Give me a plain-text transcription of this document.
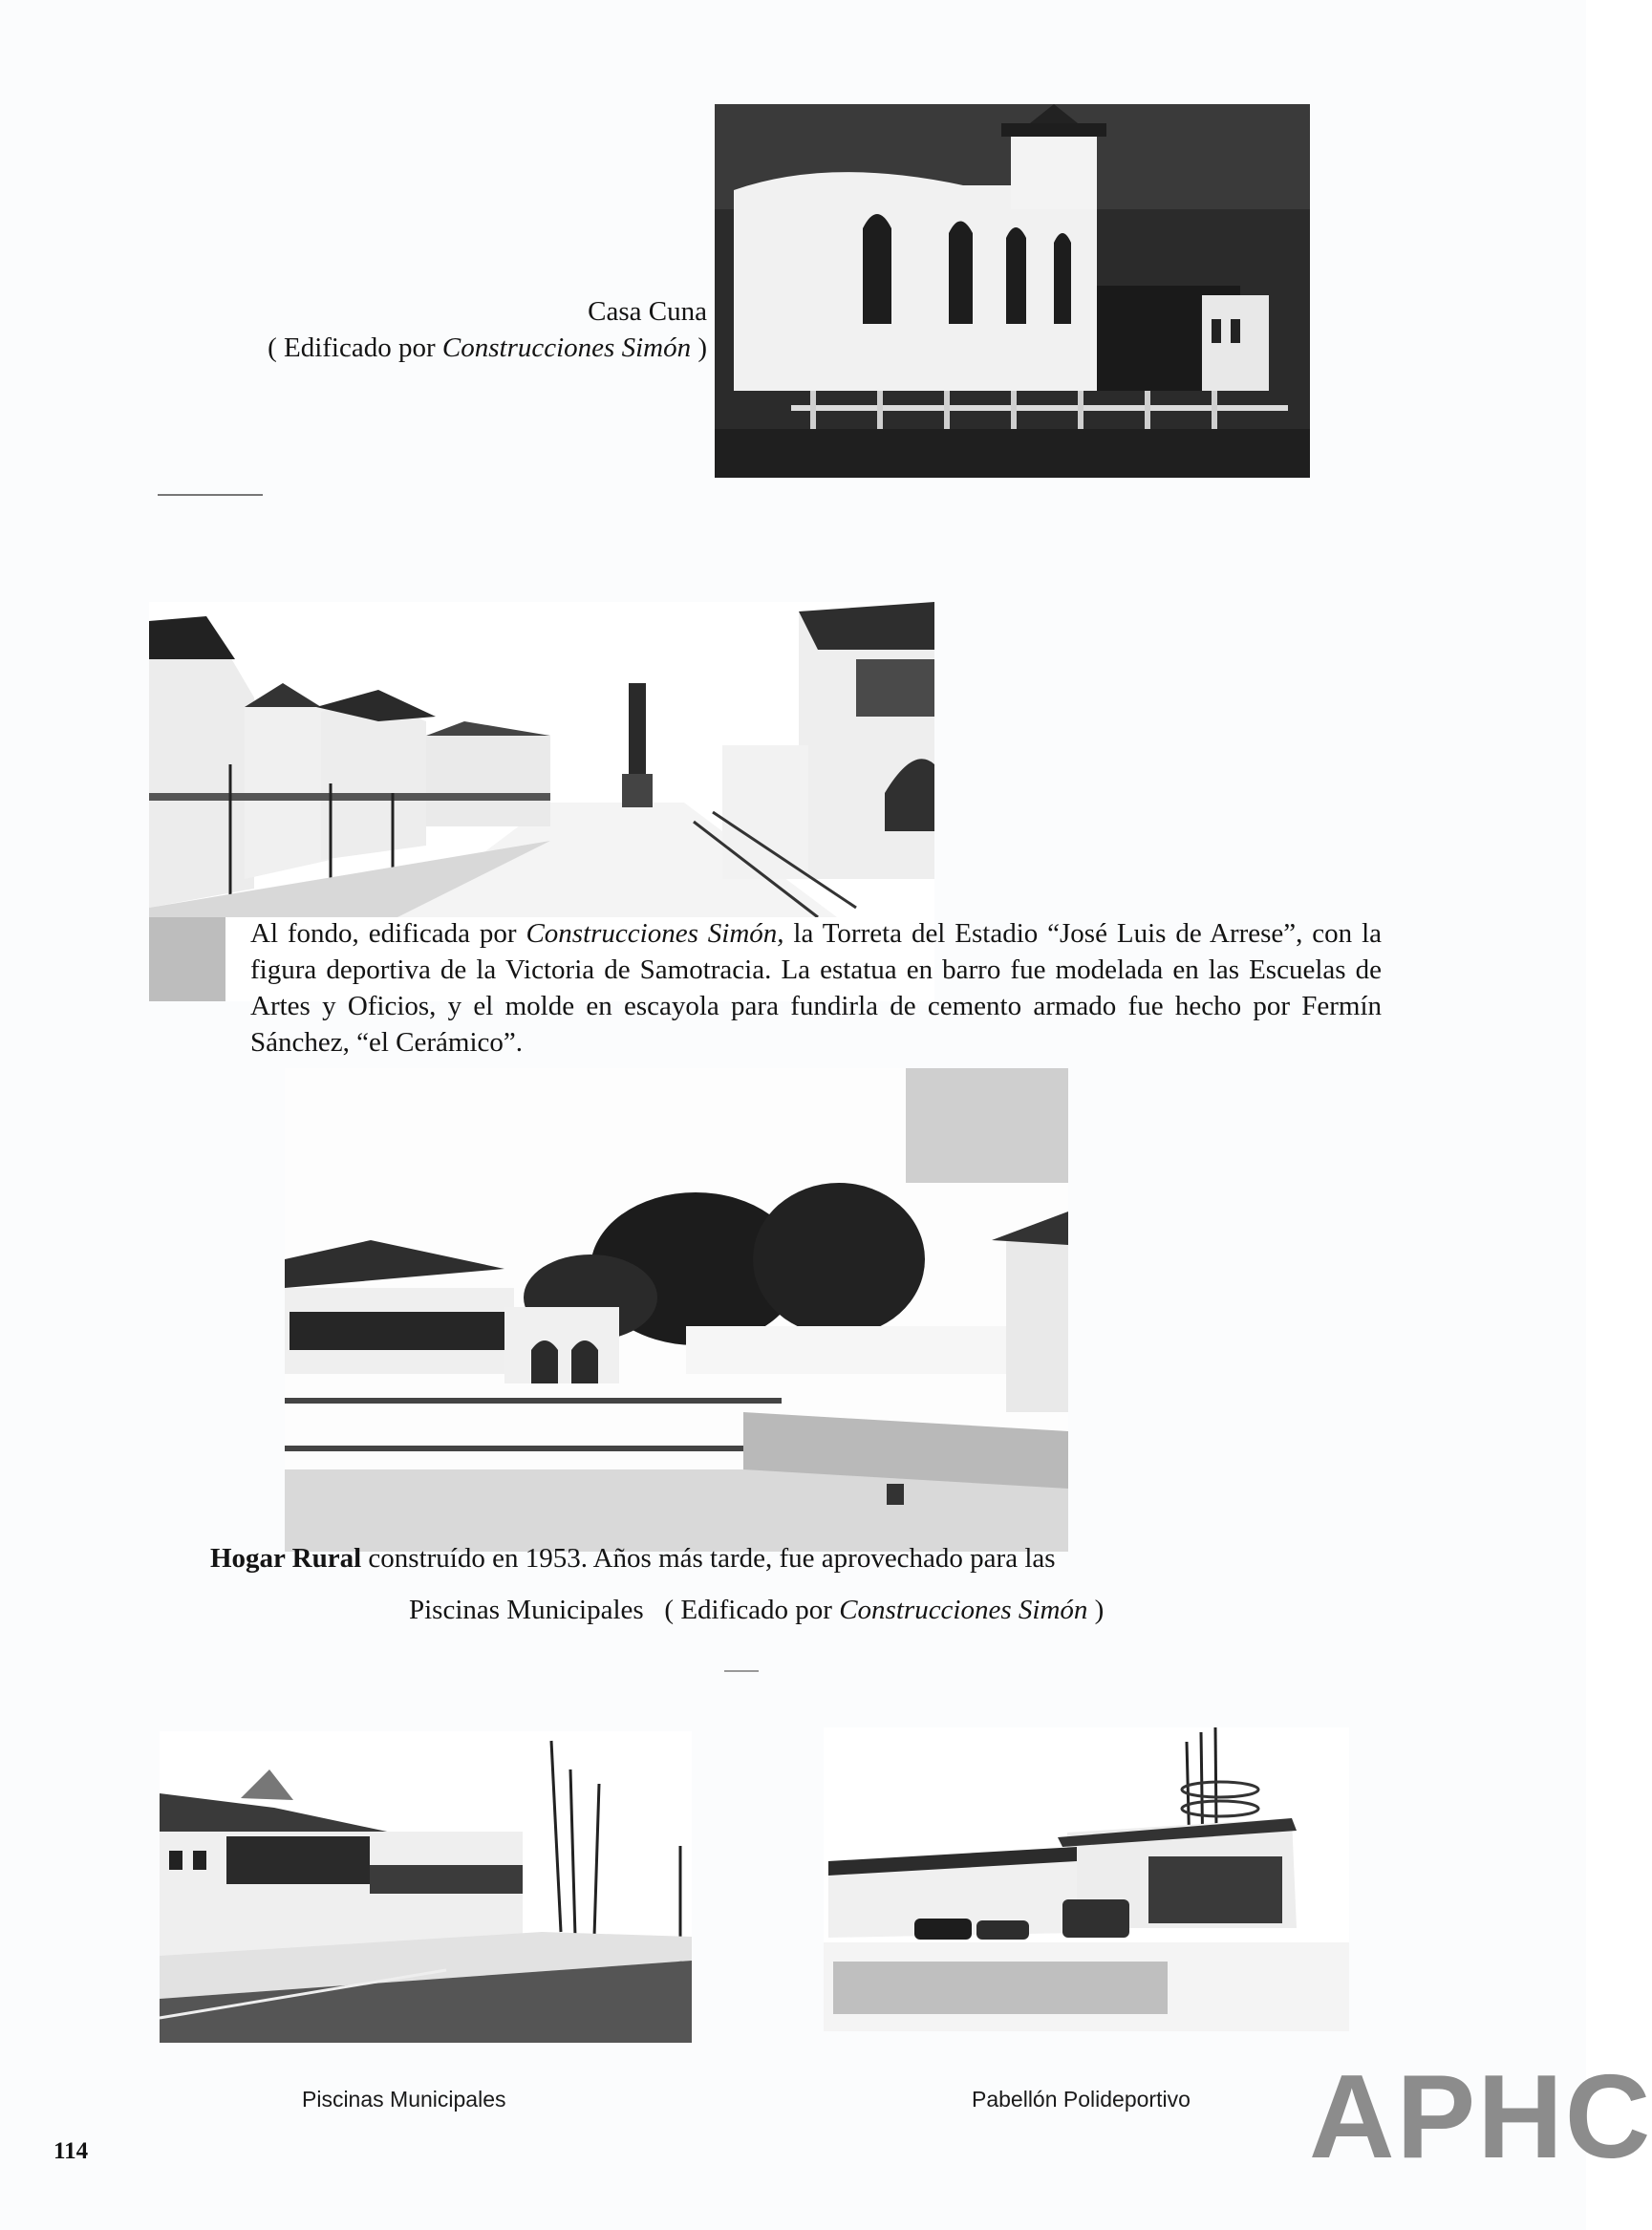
Casa Cuna
( Edificado por Construcciones Simón )
Al fondo, edificada por Construcciones Simón, la Torreta del Estadio “José Luis de Arrese”, con la figura deportiva de la Victoria de Samotracia. La estatua en barro fue modelada en las Escuelas de Artes y Oficios, y el molde en escayola para fundirla de cemento armado fue hecho por Fermín Sánchez, “el Cerámico”.
Hogar Rural construído en 1953. Años más tarde, fue aprovechado para las
Piscinas Municipales ( Edificado por Construcciones Simón )
Piscinas Municipales	Pabellón Polideportivo
114	APHC
